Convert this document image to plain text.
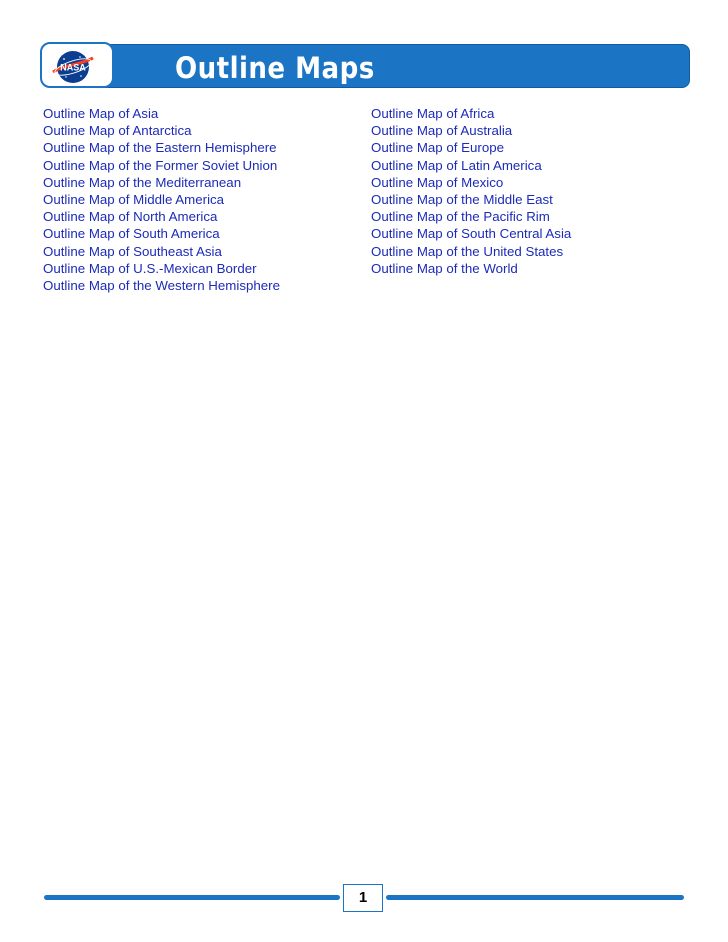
Outline Maps
NASA
Outline Map of Asia
Outline Map of Antarctica
Outline Map of the Eastern Hemisphere
Outline Map of the Former Soviet Union
Outline Map of the Mediterranean
Outline Map of Middle America
Outline Map of North America
Outline Map of South America
Outline Map of Southeast Asia
Outline Map of U.S.-Mexican Border
Outline Map of the Western Hemisphere
Outline Map of Africa
Outline Map of Australia
Outline Map of Europe
Outline Map of Latin America
Outline Map of Mexico
Outline Map of the Middle East
Outline Map of the Pacific Rim
Outline Map of South Central Asia
Outline Map of the United States
Outline Map of the World
1
